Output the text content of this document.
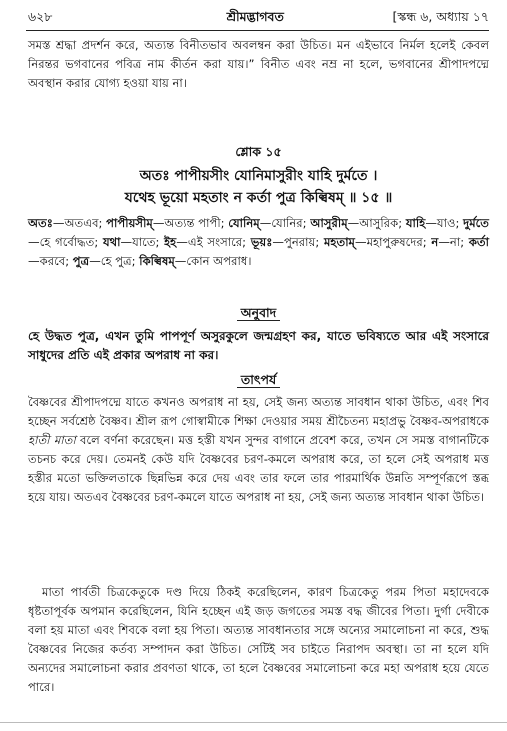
৬২৮	শ্রীমদ্ভাগবত	[স্কন্ধ ৬, অধ্যায় ১৭

সমস্ত শ্রদ্ধা প্রদর্শন করে, অত্যন্ত বিনীতভাব অবলম্বন করা উচিত। মন এইভাবে নির্মল হলেই কেবল নিরন্তর ভগবানের পবিত্র নাম কীর্তন করা যায়।” বিনীত এবং নম্র না হলে, ভগবানের শ্রীপাদপদ্মে অবস্থান করার যোগ্য হওয়া যায় না।

শ্লোক ১৫

অতঃ পাপীয়সীং যোনিমাসুরীং যাহি দুর্মতে ।

যথেহ ভূয়ো মহতাং ন কর্তা পুত্র কিল্বিষম্ ॥ ১৫ ॥

অতঃ—অতএব; পাপীয়সীম্—অত্যন্ত পাপী; যোনিম্—যোনির; আসুরীম্—আসুরিক; যাহি—যাও; দুর্মতে—হে গর্বোদ্ধত; যথা—যাতে; ইহ—এই সংসারে; ভূয়ঃ—পুনরায়; মহতাম্—মহাপুরুষদের; ন—না; কর্তা—করবে; পুত্র—হে পুত্র; কিল্বিষম্—কোন অপরাধ।

অনুবাদ

হে উদ্ধত পুত্র, এখন তুমি পাপপূর্ণ অসুরকুলে জন্মগ্রহণ কর, যাতে ভবিষ্যতে আর এই সংসারে সাধুদের প্রতি এই প্রকার অপরাধ না কর।

তাৎপর্য

বৈষ্ণবের শ্রীপাদপদ্মে যাতে কখনও অপরাধ না হয়, সেই জন্য অত্যন্ত সাবধান থাকা উচিত, এবং শিব হচ্ছেন সর্বশ্রেষ্ঠ বৈষ্ণব। শ্রীল রূপ গোস্বামীকে শিক্ষা দেওয়ার সময় শ্রীচৈতন্য মহাপ্রভু বৈষ্ণব-অপরাধকে হাতী মাতা বলে বর্ণনা করেছেন। মত্ত হস্তী যখন সুন্দর বাগানে প্রবেশ করে, তখন সে সমস্ত বাগানটিকে তচনচ করে দেয়। তেমনই কেউ যদি বৈষ্ণবের চরণ-কমলে অপরাধ করে, তা হলে সেই অপরাধ মত্ত হস্তীর মতো ভক্তিলতাকে ছিন্নভিন্ন করে দেয় এবং তার ফলে তার পারমার্থিক উন্নতি সম্পূর্ণরূপে স্তব্ধ হয়ে যায়। অতএব বৈষ্ণবের চরণ-কমলে যাতে অপরাধ না হয়, সেই জন্য অত্যন্ত সাবধান থাকা উচিত।

মাতা পার্বতী চিত্রকেতুকে দণ্ড দিয়ে ঠিকই করেছিলেন, কারণ চিত্রকেতু পরম পিতা মহাদেবকে ধৃষ্টতাপূর্বক অপমান করেছিলেন, যিনি হচ্ছেন এই জড় জগতের সমস্ত বদ্ধ জীবের পিতা। দুর্গা দেবীকে বলা হয় মাতা এবং শিবকে বলা হয় পিতা। অত্যন্ত সাবধানতার সঙ্গে অন্যের সমালোচনা না করে, শুদ্ধ বৈষ্ণবের নিজের কর্তব্য সম্পাদন করা উচিত। সেটিই সব চাইতে নিরাপদ অবস্থা। তা না হলে যদি অন্যদের সমালোচনা করার প্রবণতা থাকে, তা হলে বৈষ্ণবের সমালোচনা করে মহা অপরাধ হয়ে যেতে পারে।
